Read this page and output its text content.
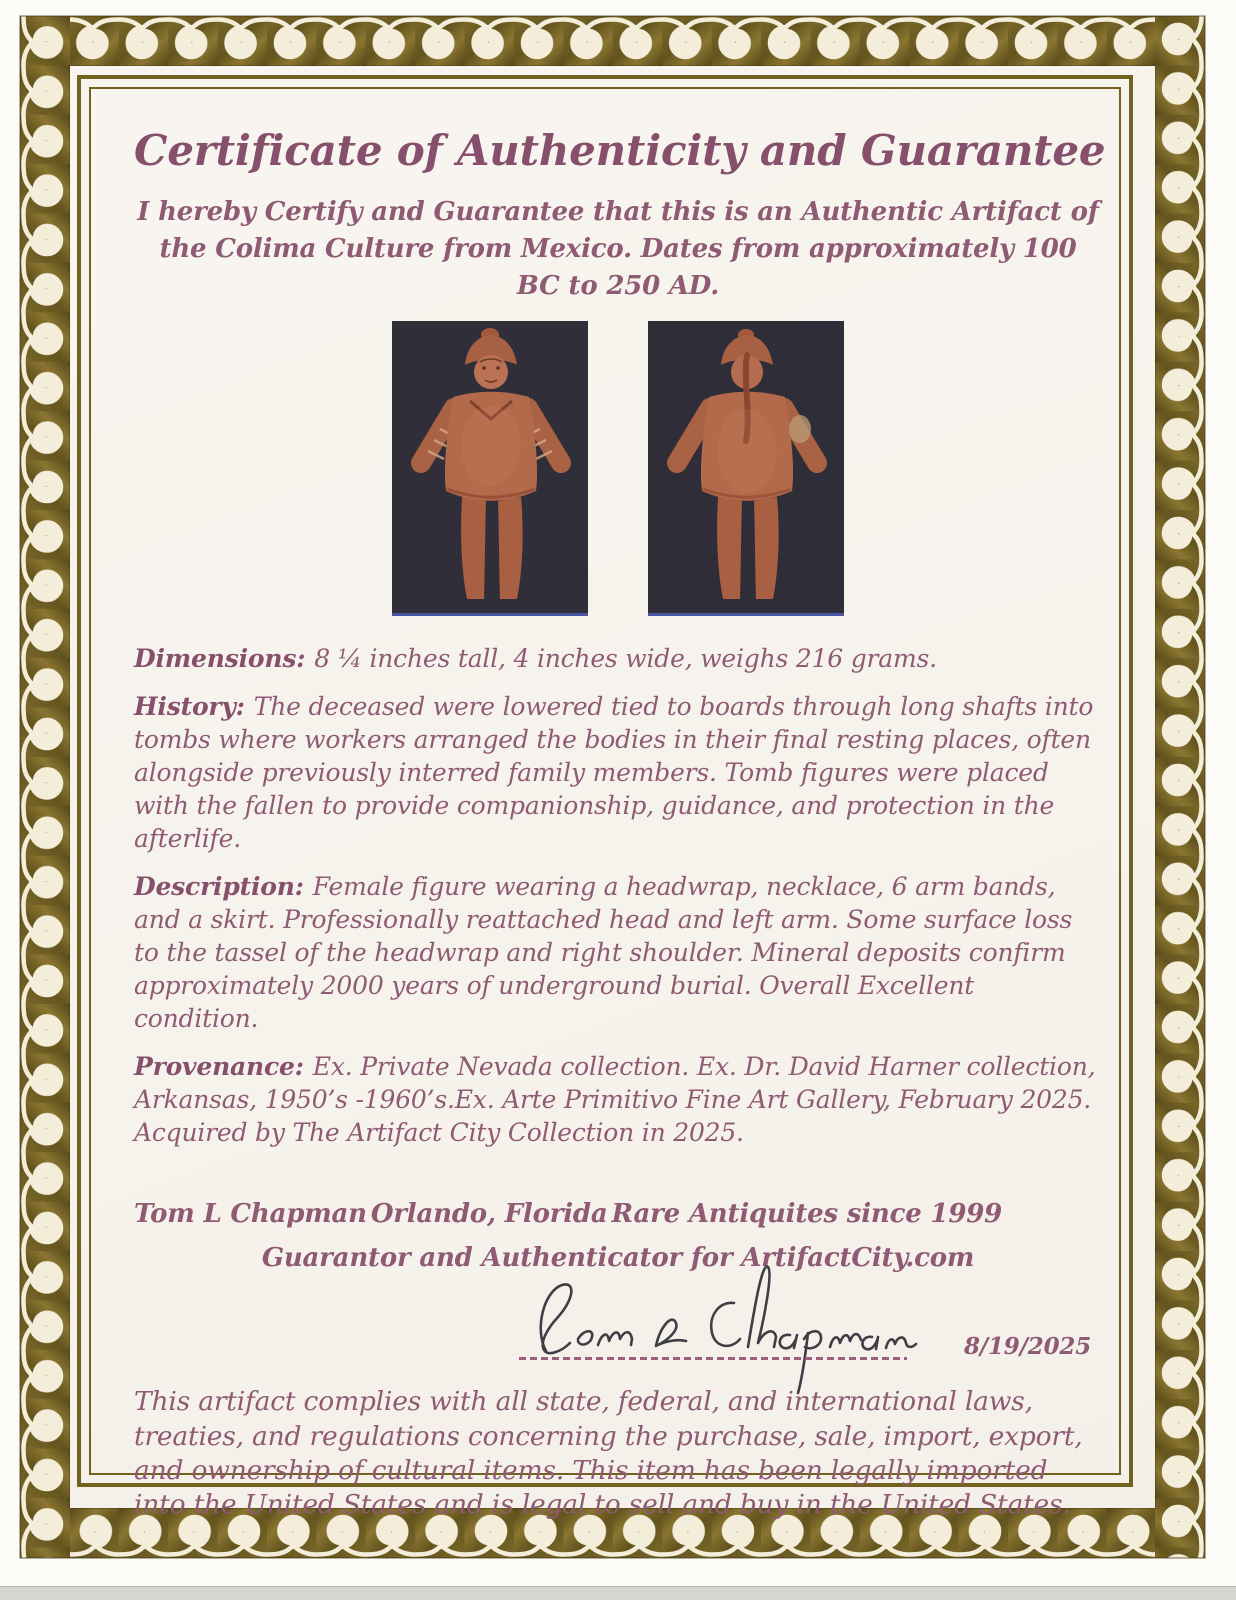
Certificate of Authenticity and Guarantee

I hereby Certify and Guarantee that this is an Authentic Artifact of the Colima Culture from Mexico. Dates from approximately 100 BC to 250 AD.

Dimensions: 8 ¼ inches tall, 4 inches wide, weighs 216 grams.

History: The deceased were lowered tied to boards through long shafts into tombs where workers arranged the bodies in their final resting places, often alongside previously interred family members. Tomb figures were placed with the fallen to provide companionship, guidance, and protection in the afterlife.

Description: Female figure wearing a headwrap, necklace, 6 arm bands, and a skirt. Professionally reattached head and left arm. Some surface loss to the tassel of the headwrap and right shoulder. Mineral deposits confirm approximately 2000 years of underground burial. Overall Excellent condition.

Provenance: Ex. Private Nevada collection. Ex. Dr. David Harner collection, Arkansas, 1950’s -1960’s.Ex. Arte Primitivo Fine Art Gallery, February 2025. Acquired by The Artifact City Collection in 2025.

Tom L Chapman Orlando, Florida Rare Antiquites since 1999
Guarantor and Authenticator for ArtifactCity.com
8/19/2025

This artifact complies with all state, federal, and international laws, treaties, and regulations concerning the purchase, sale, import, export, and ownership of cultural items. This item has been legally imported into the United States and is legal to sell and buy in the United States.
